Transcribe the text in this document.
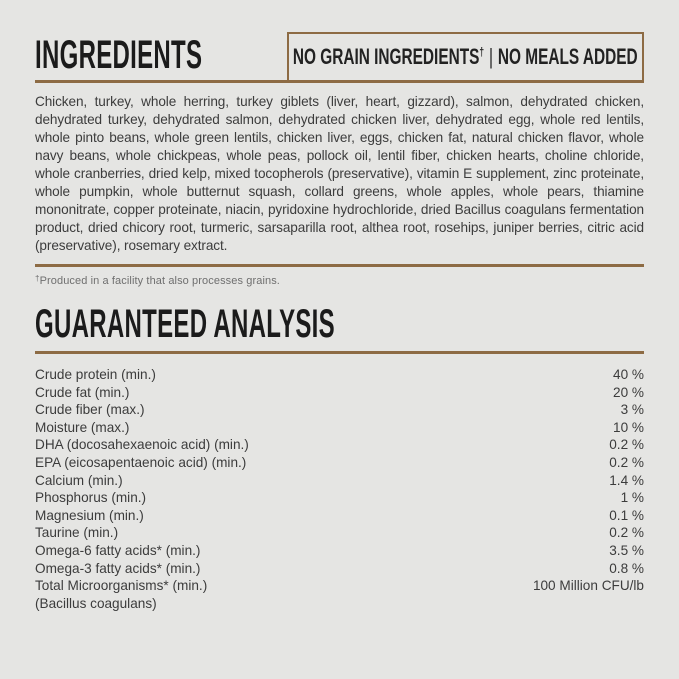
INGREDIENTS	NO GRAIN INGREDIENTS† | NO MEALS ADDED

Chicken, turkey, whole herring, turkey giblets (liver, heart, gizzard), salmon, dehydrated chicken, dehydrated turkey, dehydrated salmon, dehydrated chicken liver, dehydrated egg, whole red lentils, whole pinto beans, whole green lentils, chicken liver, eggs, chicken fat, natural chicken flavor, whole navy beans, whole chickpeas, whole peas, pollock oil, lentil fiber, chicken hearts, choline chloride, whole cranberries, dried kelp, mixed tocopherols (preservative), vitamin E supplement, zinc proteinate, whole pumpkin, whole butternut squash, collard greens, whole apples, whole pears, thiamine mononitrate, copper proteinate, niacin, pyridoxine hydrochloride, dried Bacillus coagulans fermentation product, dried chicory root, turmeric, sarsaparilla root, althea root, rosehips, juniper berries, citric acid (preservative), rosemary extract.

†Produced in a facility that also processes grains.

GUARANTEED ANALYSIS
Crude protein (min.)	40 %
Crude fat (min.)	20 %
Crude fiber (max.)	3 %
Moisture (max.)	10 %
DHA (docosahexaenoic acid) (min.)	0.2 %
EPA (eicosapentaenoic acid) (min.)	0.2 %
Calcium (min.)	1.4 %
Phosphorus (min.)	1 %
Magnesium (min.)	0.1 %
Taurine (min.)	0.2 %
Omega-6 fatty acids* (min.)	3.5 %
Omega-3 fatty acids* (min.)	0.8 %
Total Microorganisms* (min.)	100 Million CFU/lb
(Bacillus coagulans)
